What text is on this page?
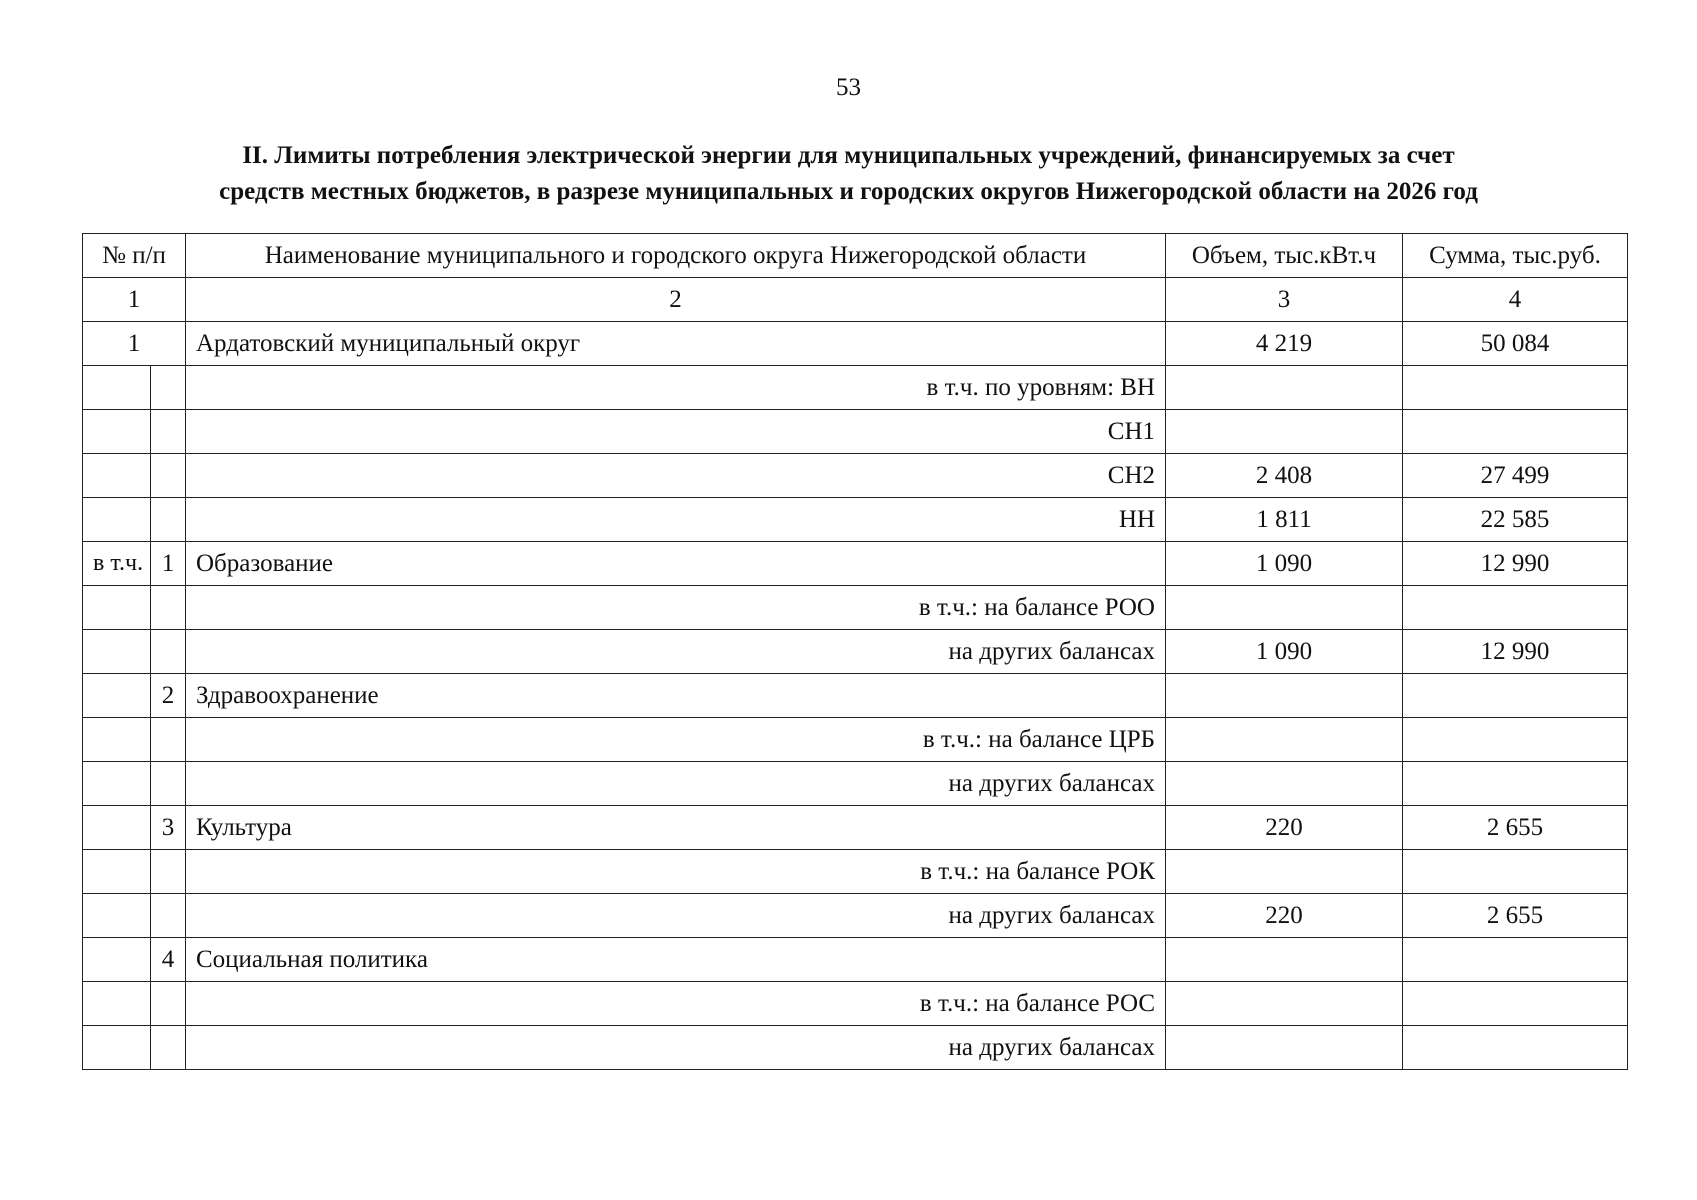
53
II. Лимиты потребления электрической энергии для муниципальных учреждений, финансируемых за счет
средств местных бюджетов, в разрезе муниципальных и городских округов Нижегородской области на 2026 год
№ п/п		Наименование муниципального и городского округа Нижегородской области	Объем, тыс.кВт.ч	Сумма, тыс.руб.
1		2	3	4
1		Ардатовский муниципальный округ	4 219	50 084
		в т.ч. по уровням: ВН		
		СН1		
		СН2	2 408	27 499
		НН	1 811	22 585
в т.ч.	1	Образование	1 090	12 990
		в т.ч.: на балансе РОО		
		на других балансах	1 090	12 990
	2	Здравоохранение		
		в т.ч.: на балансе ЦРБ		
		на других балансах		
	3	Культура	220	2 655
		в т.ч.: на балансе РОК		
		на других балансах	220	2 655
	4	Социальная политика		
		в т.ч.: на балансе РОС		
		на других балансах		
